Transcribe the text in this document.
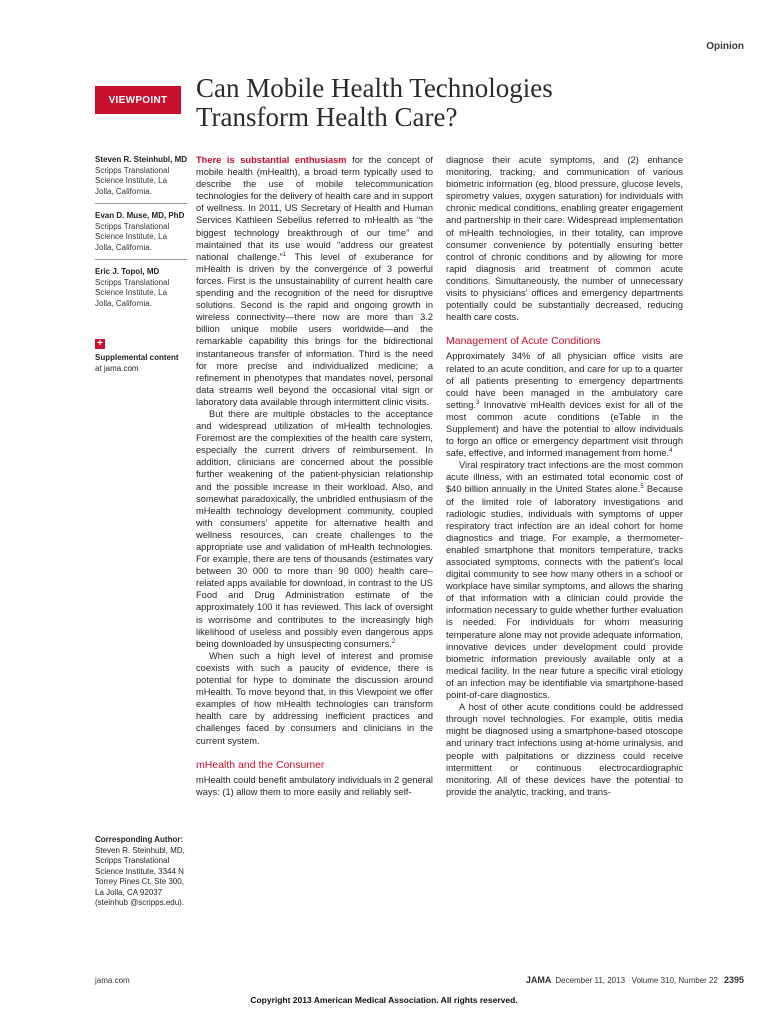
Opinion
VIEWPOINT	Can Mobile Health Technologies
Transform Health Care?
Steven R. Steinhubl, MD
Scripps Translational Science Institute, La Jolla, California.
Evan D. Muse, MD, PhD
Scripps Translational Science Institute, La Jolla, California.
Eric J. Topol, MD
Scripps Translational Science Institute, La Jolla, California.
+
Supplemental content at jama.com
Corresponding Author: Steven R. Steinhubl, MD, Scripps Translational Science Institute, 3344 N Torrey Pines Ct, Ste 300, La Jolla, CA 92037 (steinhub @scripps.edu).

There is substantial enthusiasm for the concept of mobile health (mHealth), a broad term typically used to describe the use of mobile telecommunication technologies for the delivery of health care and in support of wellness. In 2011, US Secretary of Health and Human Services Kathleen Sebelius referred to mHealth as “the biggest technology breakthrough of our time” and maintained that its use would “address our greatest national challenge.”$^1$ This level of exuberance for mHealth is driven by the convergence of 3 powerful forces. First is the unsustainability of current health care spending and the recognition of the need for disruptive solutions. Second is the rapid and ongoing growth in wireless connectivity—there now are more than 3.2 billion unique mobile users worldwide—and the remarkable capability this brings for the bidirectional instantaneous transfer of information. Third is the need for more precise and individualized medicine; a refinement in phenotypes that mandates novel, personal data streams well beyond the occasional vital sign or laboratory data available through intermittent clinic visits.

But there are multiple obstacles to the acceptance and widespread utilization of mHealth technologies. Foremost are the complexities of the health care system, especially the current drivers of reimbursement. In addition, clinicians are concerned about the possible further weakening of the patient-physician relationship and the possible increase in their workload. Also, and somewhat paradoxically, the unbridled enthusiasm of the mHealth technology development community, coupled with consumers’ appetite for alternative health and wellness resources, can create challenges to the appropriate use and validation of mHealth technologies. For example, there are tens of thousands (estimates vary between 30 000 to more than 90 000) health care–related apps available for download, in contrast to the US Food and Drug Administration estimate of the approximately 100 it has reviewed. This lack of oversight is worrisome and contributes to the increasingly high likelihood of useless and possibly even dangerous apps being downloaded by unsuspecting consumers.$^2$

When such a high level of interest and promise coexists with such a paucity of evidence, there is potential for hype to dominate the discussion around mHealth. To move beyond that, in this Viewpoint we offer examples of how mHealth technologies can transform health care by addressing inefficient practices and challenges faced by consumers and clinicians in the current system.

mHealth and the Consumer

mHealth could benefit ambulatory individuals in 2 general ways: (1) allow them to more easily and reliably self-

diagnose their acute symptoms, and (2) enhance monitoring, tracking, and communication of various biometric information (eg, blood pressure, glucose levels, spirometry values, oxygen saturation) for individuals with chronic medical conditions, enabling greater engagement and partnership in their care. Widespread implementation of mHealth technologies, in their totality, can improve consumer convenience by potentially ensuring better control of chronic conditions and by allowing for more rapid diagnosis and treatment of common acute conditions. Simultaneously, the number of unnecessary visits to physicians’ offices and emergency departments potentially could be substantially decreased, reducing health care costs.

Management of Acute Conditions

Approximately 34% of all physician office visits are related to an acute condition, and care for up to a quarter of all patients presenting to emergency departments could have been managed in the ambulatory care setting.$^3$ Innovative mHealth devices exist for all of the most common acute conditions (eTable in the Supplement) and have the potential to allow individuals to forgo an office or emergency department visit through safe, effective, and informed management from home.$^4$

Viral respiratory tract infections are the most common acute illness, with an estimated total economic cost of $40 billion annually in the United States alone.$^5$ Because of the limited role of laboratory investigations and radiologic studies, individuals with symptoms of upper respiratory tract infection are an ideal cohort for home diagnostics and triage. For example, a thermometer-enabled smartphone that monitors temperature, tracks associated symptoms, connects with the patient’s local digital community to see how many others in a school or workplace have similar symptoms, and allows the sharing of that information with a clinician could provide the information necessary to guide whether further evaluation is needed. For individuals for whom measuring temperature alone may not provide adequate information, innovative devices under development could provide biometric information previously available only at a medical facility. In the near future a specific viral etiology of an infection may be identifiable via smartphone-based point-of-care diagnostics.

A host of other acute conditions could be addressed through novel technologies. For example, otitis media might be diagnosed using a smartphone-based otoscope and urinary tract infections using at-home urinalysis, and people with palpitations or dizziness could receive intermittent or continuous electrocardiographic monitoring. All of these devices have the potential to provide the analytic, tracking, and trans-

jama.com	JAMA December 11, 2013   Volume 310, Number 22 2395
Copyright 2013 American Medical Association. All rights reserved.
